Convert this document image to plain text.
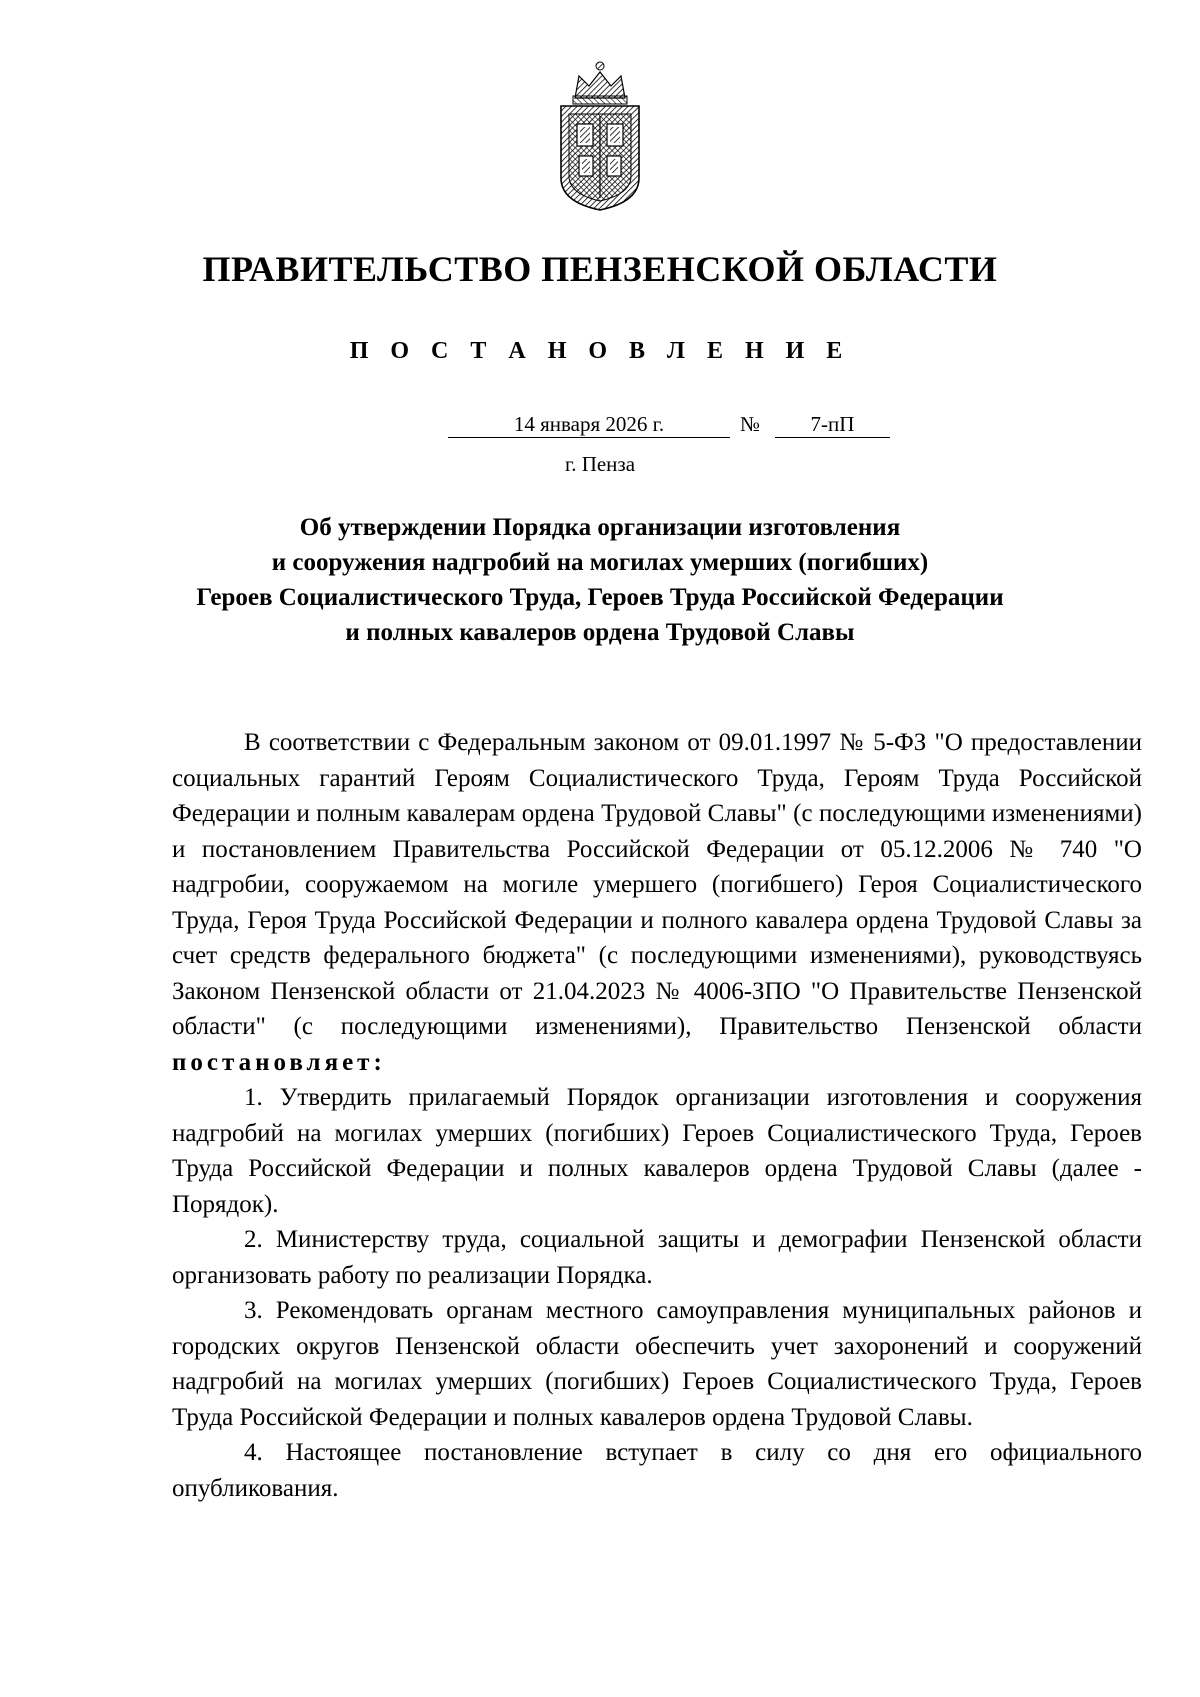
ПРАВИТЕЛЬСТВО ПЕНЗЕНСКОЙ ОБЛАСТИ
П О С Т А Н О В Л Е Н И Е
14 января 2026 г.	№	7-пП
г. Пенза
Об утверждении Порядка организации изготовления
и сооружения надгробий на могилах умерших (погибших)
Героев Социалистического Труда, Героев Труда Российской Федерации
и полных кавалеров ордена Трудовой Славы

В соответствии с Федеральным законом от 09.01.1997 № 5-ФЗ "О предоставлении социальных гарантий Героям Социалистического Труда, Героям Труда Российской Федерации и полным кавалерам ордена Трудовой Славы" (с последующими изменениями) и постановлением Правительства Российской Федерации от 05.12.2006 № 740 "О надгробии, сооружаемом на могиле умершего (погибшего) Героя Социалистического Труда, Героя Труда Российской Федерации и полного кавалера ордена Трудовой Славы за счет средств федерального бюджета" (с последующими изменениями), руководствуясь Законом Пензенской области от 21.04.2023 № 4006-ЗПО "О Правительстве Пензенской области" (с последующими изменениями), Правительство Пензенской области постановляет:

1. Утвердить прилагаемый Порядок организации изготовления и сооружения надгробий на могилах умерших (погибших) Героев Социалистического Труда, Героев Труда Российской Федерации и полных кавалеров ордена Трудовой Славы (далее - Порядок).

2. Министерству труда, социальной защиты и демографии Пензенской области организовать работу по реализации Порядка.

3. Рекомендовать органам местного самоуправления муниципальных районов и городских округов Пензенской области обеспечить учет захоронений и сооружений надгробий на могилах умерших (погибших) Героев Социалистического Труда, Героев Труда Российской Федерации и полных кавалеров ордена Трудовой Славы.

4. Настоящее постановление вступает в силу со дня его официального опубликования.
